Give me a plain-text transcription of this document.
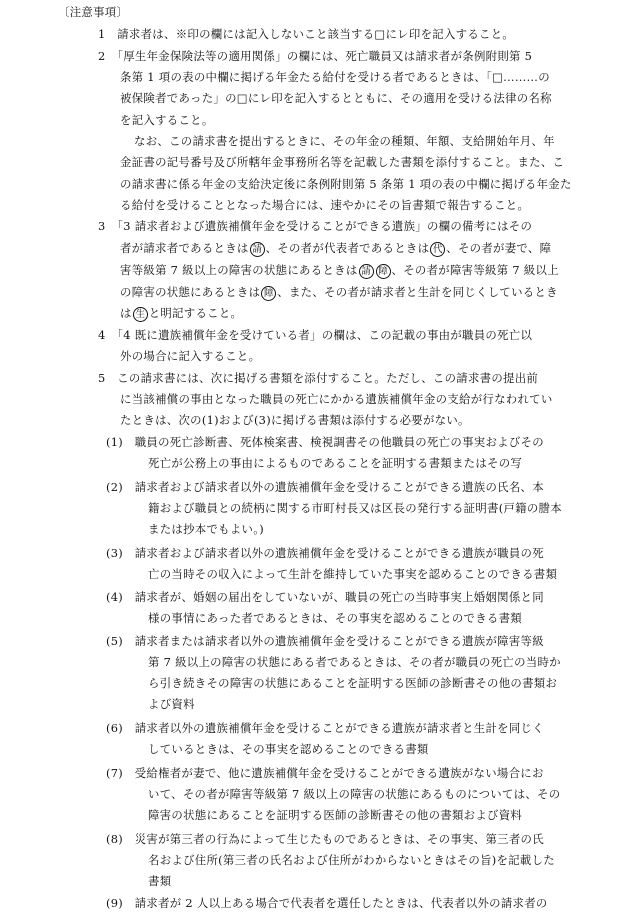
〔注意事項〕
1　請求者は、※印の欄には記入しないこと該当する□にレ印を記入すること。
2　「厚生年金保険法等の適用関係」の欄には、死亡職員又は請求者が条例附則第 5
条第 1 項の表の中欄に掲げる年金たる給付を受ける者であるときは、「□………の
被保険者であった」の□にレ印を記入するとともに、その適用を受ける法律の名称
を記入すること。
なお、この請求書を提出するときに、その年金の種類、年額、支給開始年月、年
金証書の記号番号及び所轄年金事務所名等を記載した書類を添付すること。また、こ
の請求書に係る年金の支給決定後に条例附則第 5 条第 1 項の表の中欄に掲げる年金た
る給付を受けることとなった場合には、速やかにその旨書類で報告すること。
3　「3 請求者および遺族補償年金を受けることができる遺族」の欄の備考にはその
者が請求者であるときは 請 、その者が代表者であるときは 代 、その者が妻で、障
害等級第 7 級以上の障害の状態にあるときは 請 障 、その者が障害等級第 7 級以上
の障害の状態にあるときは 障 、また、その者が請求者と生計を同じくしているとき
は 生 と明記すること。
4　「4 既に遺族補償年金を受けている者」の欄は、この記載の事由が職員の死亡以
外の場合に記入すること。
5　この請求書には、次に掲げる書類を添付すること。ただし、この請求書の提出前
に当該補償の事由となった職員の死亡にかかる遺族補償年金の支給が行なわれてい
たときは、次の(1)および(3)に掲げる書類は添付する必要がない。
(1)　職員の死亡診断書、死体検案書、検視調書その他職員の死亡の事実およびその
死亡が公務上の事由によるものであることを証明する書類またはその写
(2)　請求者および請求者以外の遺族補償年金を受けることができる遺族の氏名、本
籍および職員との続柄に関する市町村長又は区長の発行する証明書(戸籍の謄本
または抄本でもよい。)
(3)　請求者および請求者以外の遺族補償年金を受けることができる遺族が職員の死
亡の当時その収入によって生計を維持していた事実を認めることのできる書類
(4)　請求者が、婚姻の届出をしていないが、職員の死亡の当時事実上婚姻関係と同
様の事情にあった者であるときは、その事実を認めることのできる書類
(5)　請求者または請求者以外の遺族補償年金を受けることができる遺族が障害等級
第 7 級以上の障害の状態にある者であるときは、その者が職員の死亡の当時か
ら引き続きその障害の状態にあることを証明する医師の診断書その他の書類お
よび資料
(6)　請求者以外の遺族補償年金を受けることができる遺族が請求者と生計を同じく
しているときは、その事実を認めることのできる書類
(7)　受給権者が妻で、他に遺族補償年金を受けることができる遺族がない場合にお
いて、その者が障害等級第 7 級以上の障害の状態にあるものについては、その
障害の状態にあることを証明する医師の診断書その他の書類および資料
(8)　災害が第三者の行為によって生じたものであるときは、その事実、第三者の氏
名および住所(第三者の氏名および住所がわからないときはその旨)を記載した
書類
(9)　請求者が 2 人以上ある場合で代表者を選任したときは、代表者以外の請求者の
